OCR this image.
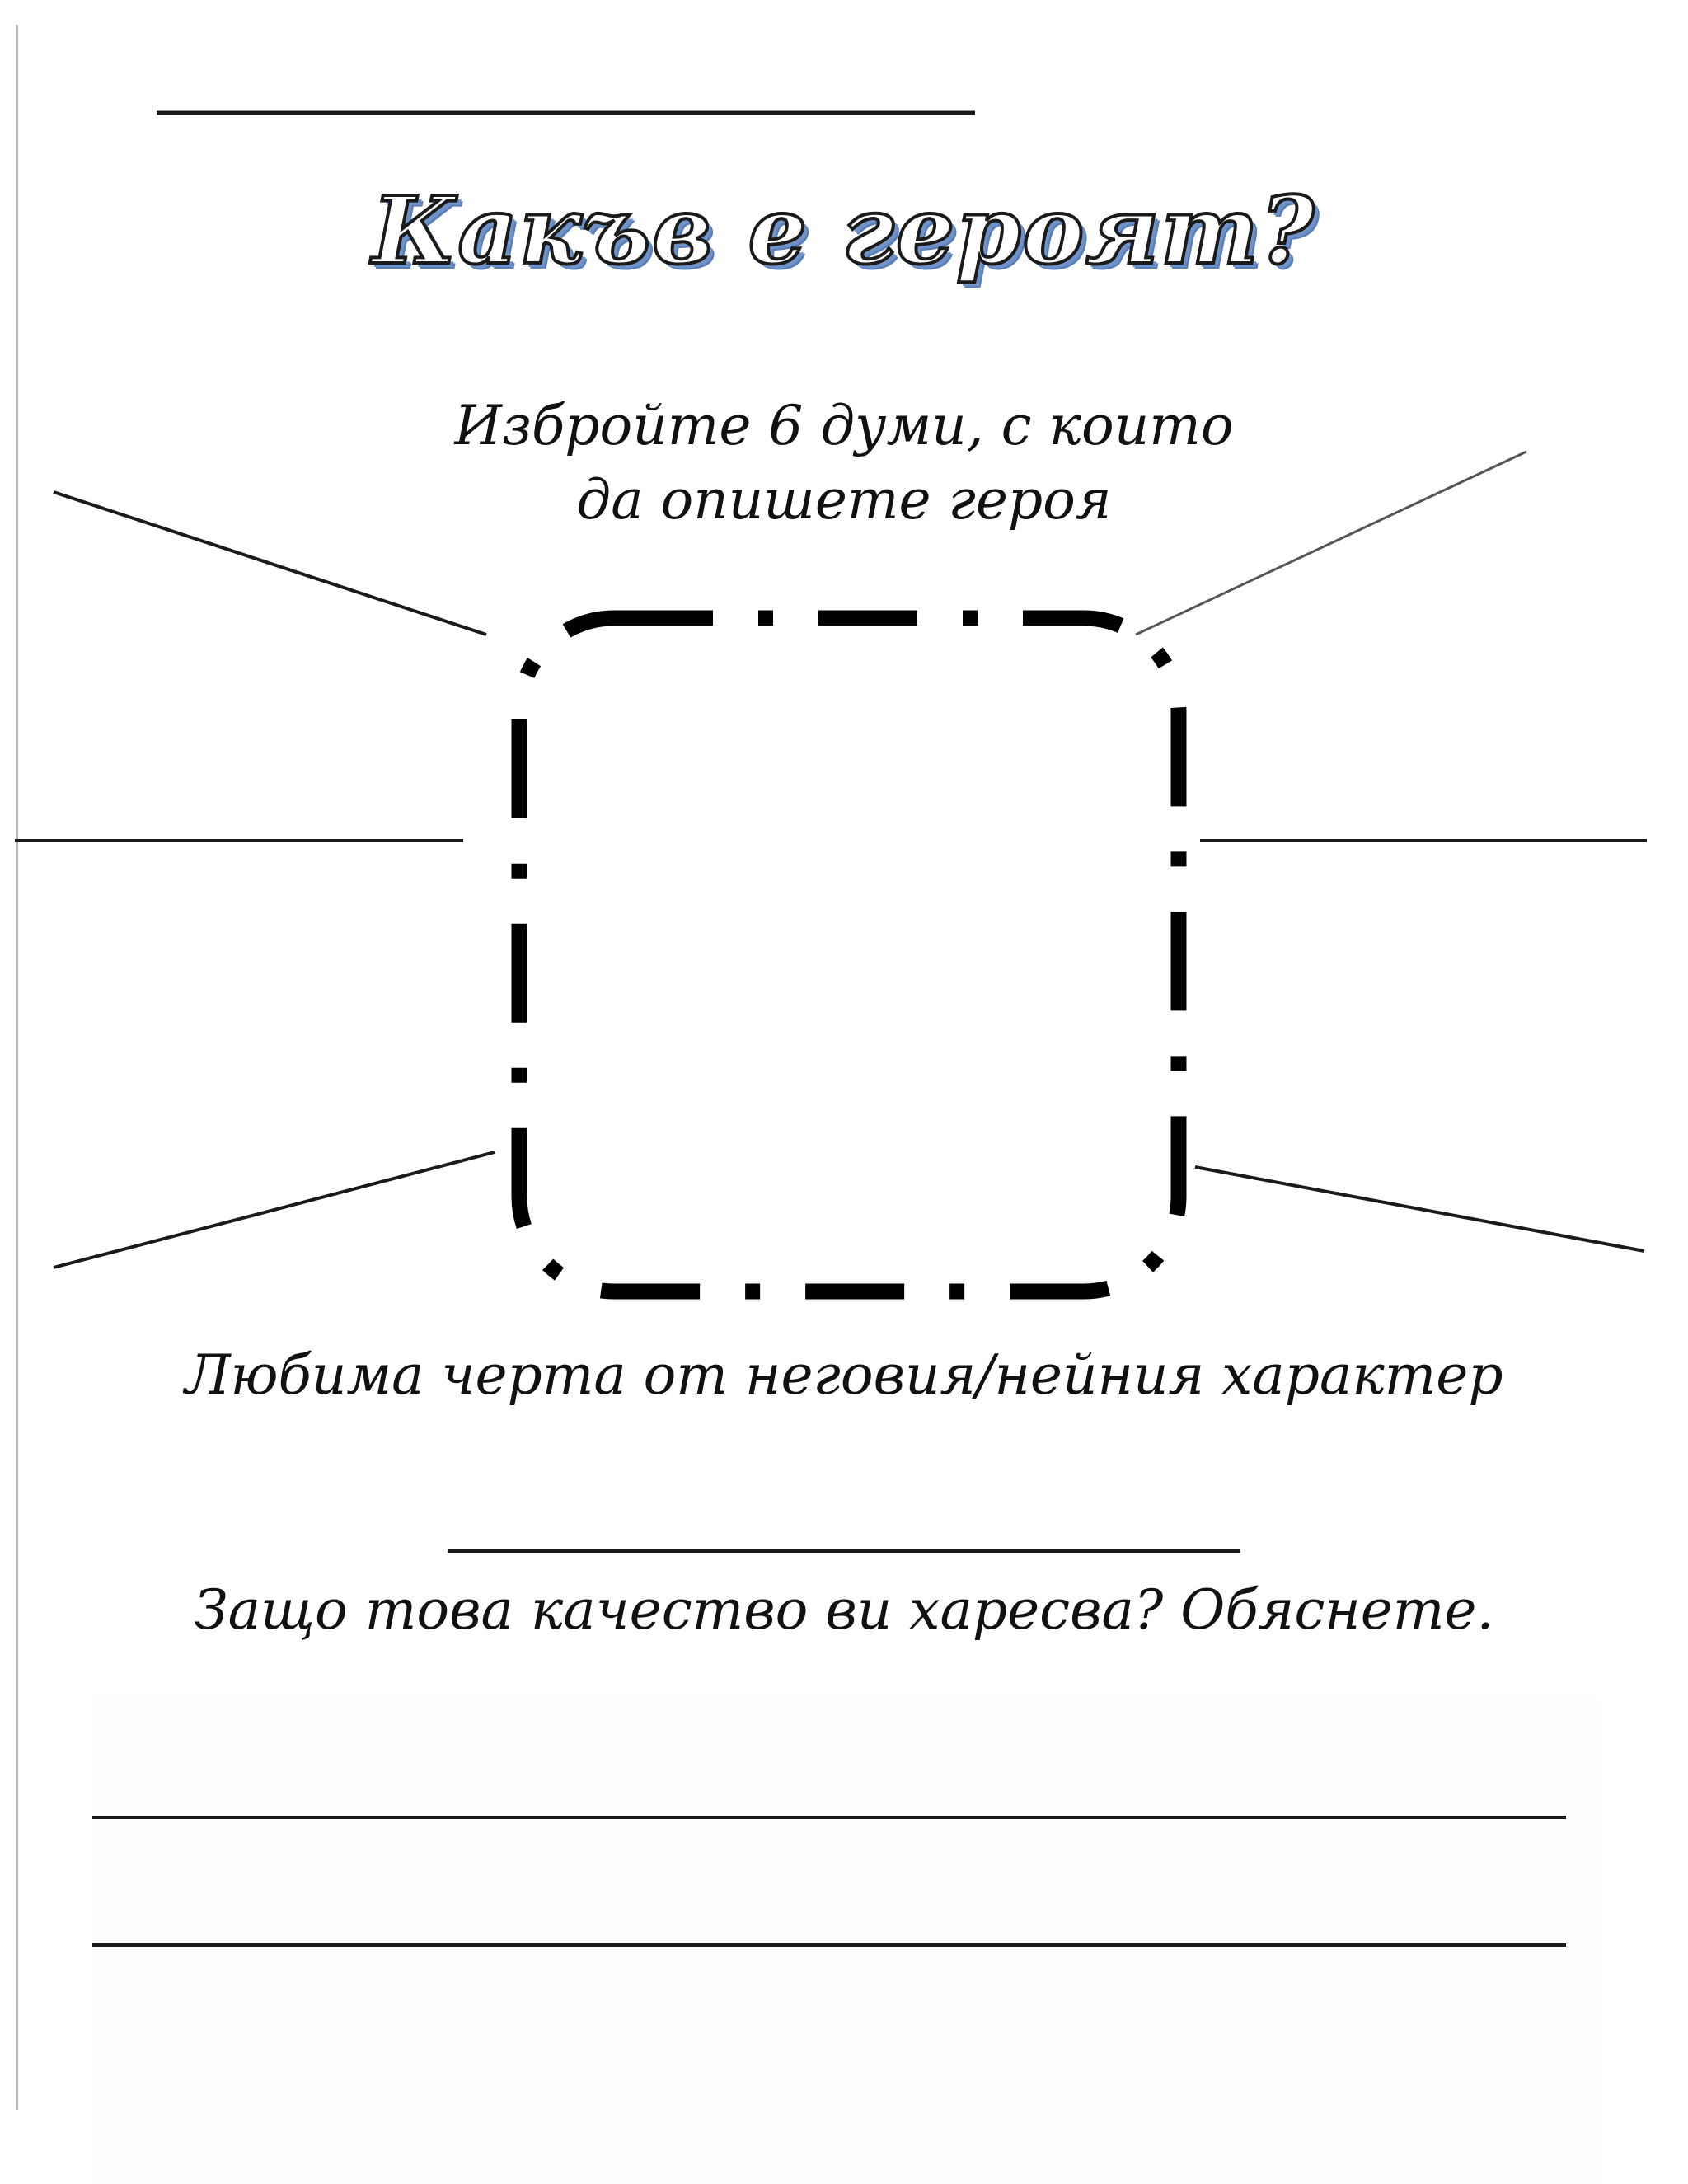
Какъв е героят?
Избройте 6 думи, с които
да опишете героя
Любима черта от неговия/нейния характер
Защо това качество ви харесва? Обяснете.
